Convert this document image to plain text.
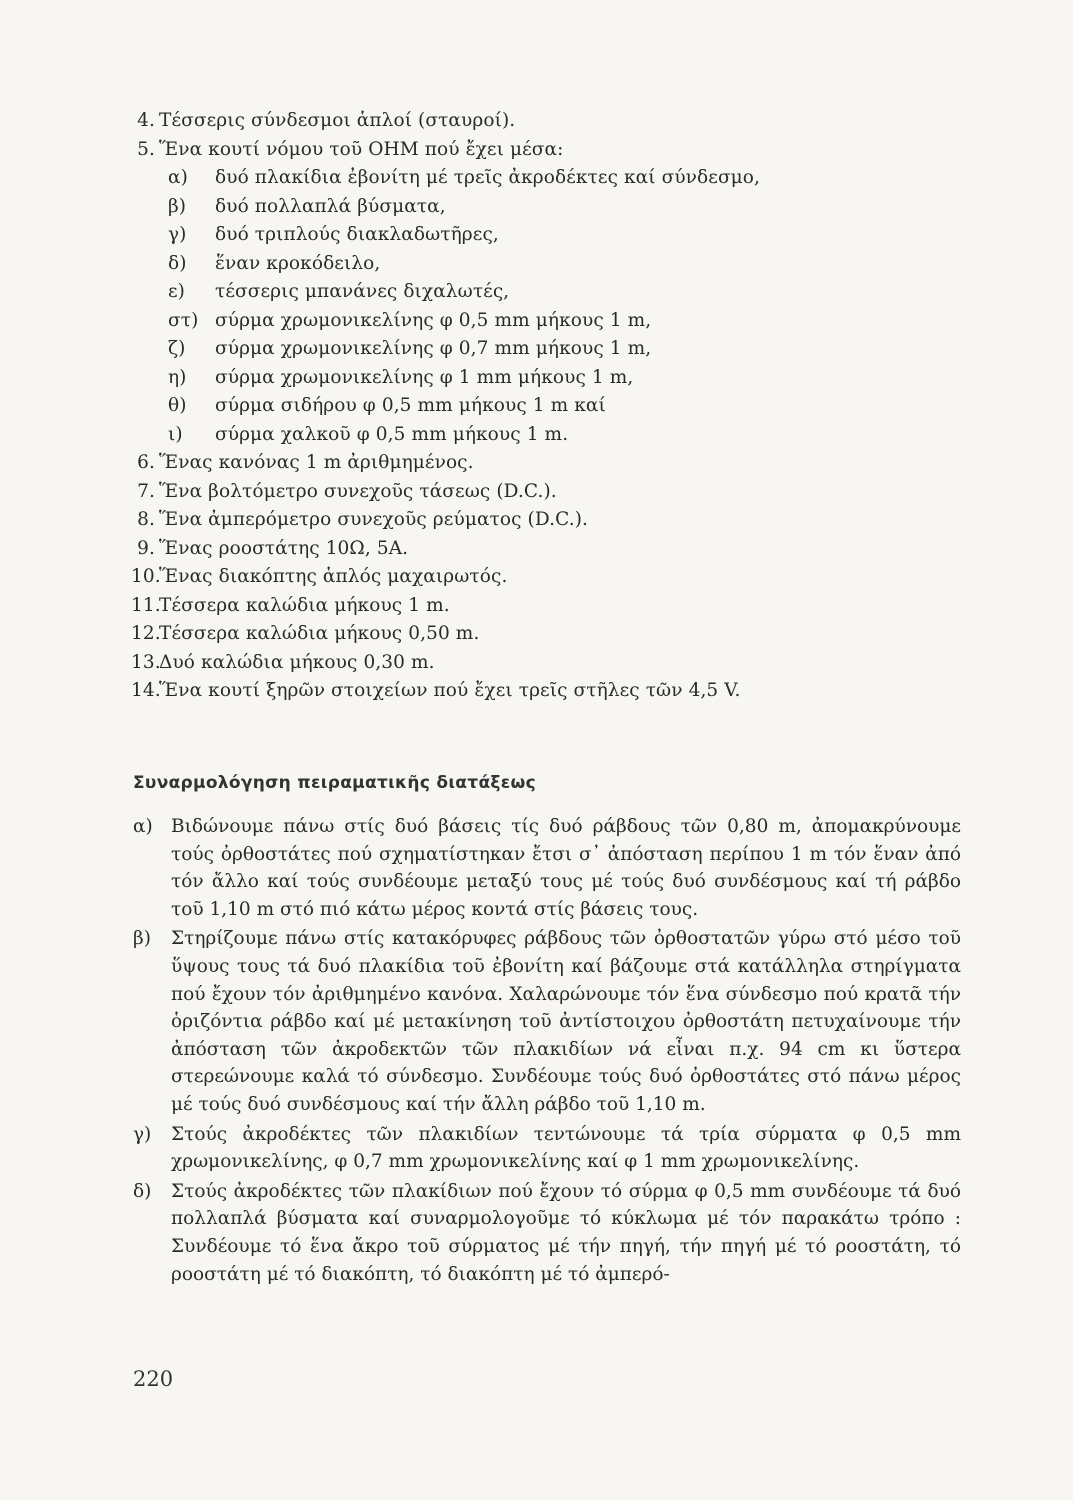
4. Τέσσερις σύνδεσμοι ἁπλοί (σταυροί).
5. Ἕνα κουτί νόμου τοῦ ΟΗΜ πού ἔχει μέσα:
α) δυό πλακίδια ἐβονίτη μέ τρεῖς ἀκροδέκτες καί σύνδεσμο,
β) δυό πολλαπλά βύσματα,
γ) δυό τριπλούς διακλαδωτῆρες,
δ) ἕναν κροκόδειλο,
ε) τέσσερις μπανάνες διχαλωτές,
στ) σύρμα χρωμονικελίνης φ 0,5 mm μήκους 1 m,
ζ) σύρμα χρωμονικελίνης φ 0,7 mm μήκους 1 m,
η) σύρμα χρωμονικελίνης φ 1 mm μήκους 1 m,
θ) σύρμα σιδήρου φ 0,5 mm μήκους 1 m καί
ι) σύρμα χαλκοῦ φ 0,5 mm μήκους 1 m.
6. Ἕνας κανόνας 1 m ἀριθμημένος.
7. Ἕνα βολτόμετρο συνεχοῦς τάσεως (D.C.).
8. Ἕνα ἀμπερόμετρο συνεχοῦς ρεύματος (D.C.).
9. Ἕνας ροοστάτης 10Ω, 5A.
10.
Ἕνας διακόπτης ἁπλός μαχαιρωτός.
11.
Τέσσερα καλώδια μήκους 1 m.
12.
Τέσσερα καλώδια μήκους 0,50 m.
13.
Δυό καλώδια μήκους 0,30 m.
14.
Ἕνα κουτί ξηρῶν στοιχείων πού ἔχει τρεῖς στῆλες τῶν 4,5 V.
Συναρμολόγηση πειραματικῆς διατάξεως
α) Βιδώνουμε πάνω στίς δυό βάσεις τίς δυό ράβδους τῶν 0,80 m, ἀπομακρύνουμε τούς ὀρθοστάτες πού σχηματίστηκαν ἔτσι σ᾽ ἀπόσταση περίπου 1 m τόν ἕναν ἀπό τόν ἄλλο καί τούς συνδέουμε μεταξύ τους μέ τούς δυό συνδέσμους καί τή ράβδο τοῦ 1,10 m στό πιό κάτω μέρος κοντά στίς βάσεις τους.
β) Στηρίζουμε πάνω στίς κατακόρυφες ράβδους τῶν ὀρθοστατῶν γύρω στό μέσο τοῦ ὕψους τους τά δυό πλακίδια τοῦ ἐβονίτη καί βάζουμε στά κατάλληλα στηρίγματα πού ἔχουν τόν ἀριθμημένο κανόνα. Χαλαρώνουμε τόν ἕνα σύνδεσμο πού κρατᾶ τήν ὁριζόντια ράβδο καί μέ μετακίνηση τοῦ ἀντίστοιχου ὀρθοστάτη πετυχαίνουμε τήν ἀπόσταση τῶν ἀκροδεκτῶν τῶν πλακιδίων νά εἶναι π.χ. 94 cm κι ὕστερα στερεώνουμε καλά τό σύνδεσμο. Συνδέουμε τούς δυό ὀρθοστάτες στό πάνω μέρος μέ τούς δυό συνδέσμους καί τήν ἄλλη ράβδο τοῦ 1,10 m.
γ) Στούς ἀκροδέκτες τῶν πλακιδίων τεντώνουμε τά τρία σύρματα φ 0,5 mm χρωμονικελίνης, φ 0,7 mm χρωμονικελίνης καί φ 1 mm χρωμονικελίνης.
δ) Στούς ἀκροδέκτες τῶν πλακίδιων πού ἔχουν τό σύρμα φ 0,5 mm συνδέουμε τά δυό πολλαπλά βύσματα καί συναρμολογοῦμε τό κύκλωμα μέ τόν παρακάτω τρόπο : Συνδέουμε τό ἕνα ἄκρο τοῦ σύρματος μέ τήν πηγή, τήν πηγή μέ τό ροοστάτη, τό ροοστάτη μέ τό διακόπτη, τό διακόπτη μέ τό ἀμπερό-
220
